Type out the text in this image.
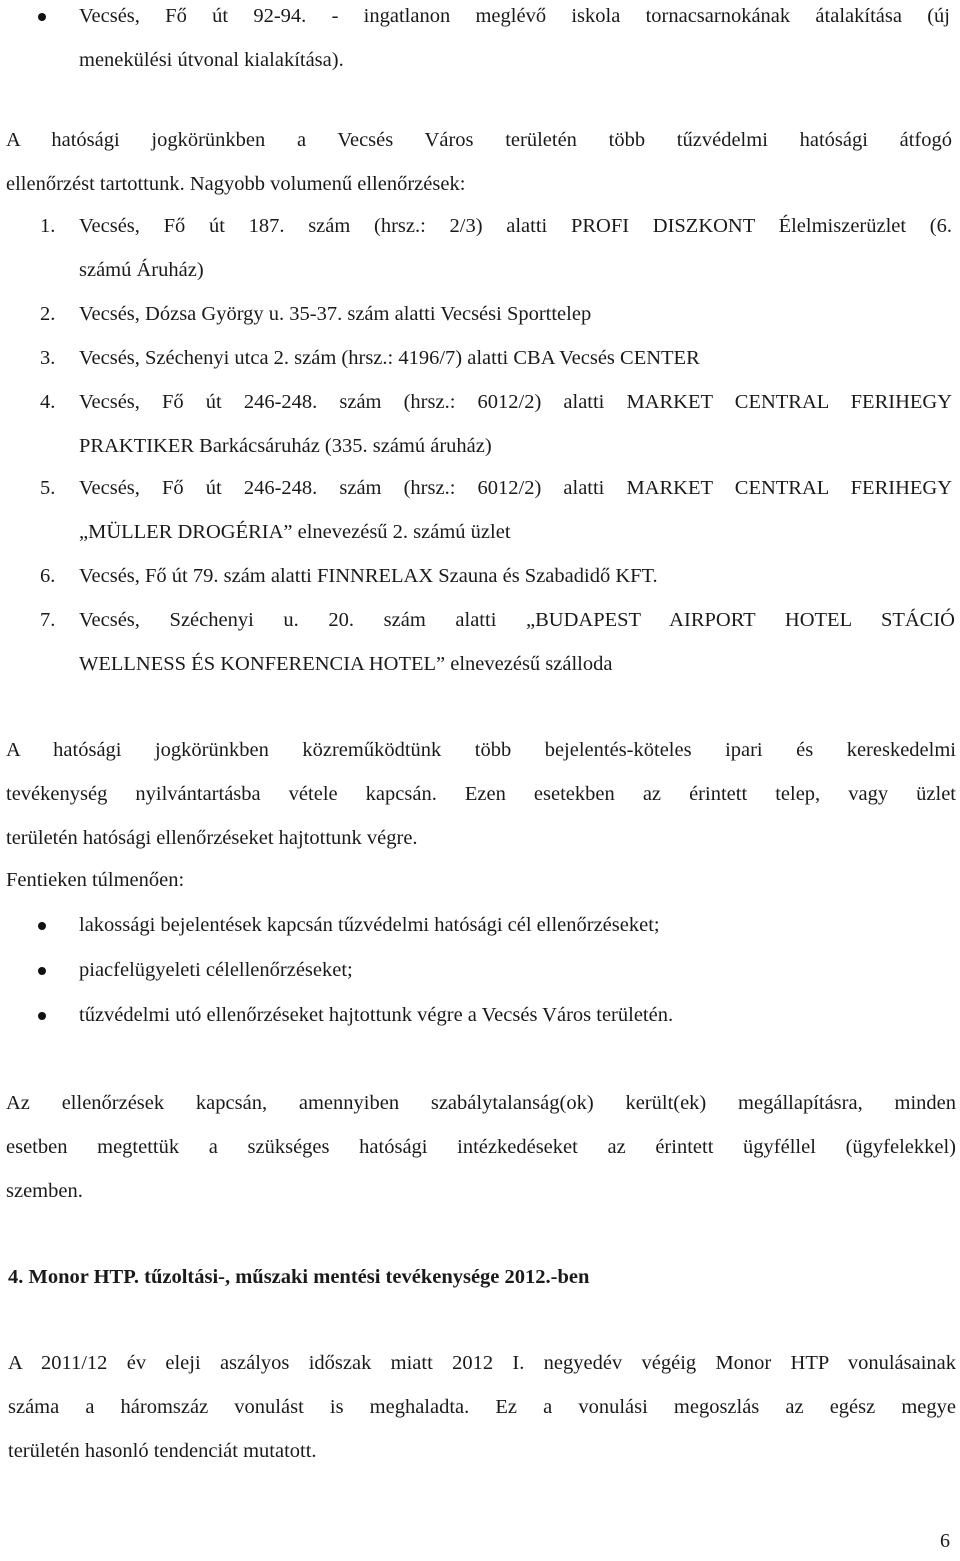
Vecsés, Fő út 92-94. - ingatlanon meglévő iskola tornacsarnokának átalakítása (új
menekülési útvonal kialakítása).
A hatósági jogkörünkben a Vecsés Város területén több tűzvédelmi hatósági átfogó
ellenőrzést tartottunk. Nagyobb volumenű ellenőrzések:
1. Vecsés, Fő út 187. szám (hrsz.: 2/3) alatti PROFI DISZKONT Élelmiszerüzlet (6.
számú Áruház)
2. Vecsés, Dózsa György u. 35-37. szám alatti Vecsési Sporttelep
3. Vecsés, Széchenyi utca 2. szám (hrsz.: 4196/7) alatti CBA Vecsés CENTER
4. Vecsés, Fő út 246-248. szám (hrsz.: 6012/2) alatti MARKET CENTRAL FERIHEGY
PRAKTIKER Barkácsáruház (335. számú áruház)
5. Vecsés, Fő út 246-248. szám (hrsz.: 6012/2) alatti MARKET CENTRAL FERIHEGY
„MÜLLER DROGÉRIA” elnevezésű 2. számú üzlet
6. Vecsés, Fő út 79. szám alatti FINNRELAX Szauna és Szabadidő KFT.
7. Vecsés, Széchenyi u. 20. szám alatti „BUDAPEST AIRPORT HOTEL STÁCIÓ
WELLNESS ÉS KONFERENCIA HOTEL” elnevezésű szálloda
A hatósági jogkörünkben közreműködtünk több bejelentés-köteles ipari és kereskedelmi
tevékenység nyilvántartásba vétele kapcsán. Ezen esetekben az érintett telep, vagy üzlet
területén hatósági ellenőrzéseket hajtottunk végre.
Fentieken túlmenően:
lakossági bejelentések kapcsán tűzvédelmi hatósági cél ellenőrzéseket;
piacfelügyeleti célellenőrzéseket;
tűzvédelmi utó ellenőrzéseket hajtottunk végre a Vecsés Város területén.
Az ellenőrzések kapcsán, amennyiben szabálytalanság(ok) került(ek) megállapításra, minden
esetben megtettük a szükséges hatósági intézkedéseket az érintett ügyféllel (ügyfelekkel)
szemben.
4. Monor HTP. tűzoltási-, műszaki mentési tevékenysége 2012.-ben
A 2011/12 év eleji aszályos időszak miatt 2012 I. negyedév végéig Monor HTP vonulásainak
száma a háromszáz vonulást is meghaladta. Ez a vonulási megoszlás az egész megye
területén hasonló tendenciát mutatott.
6
